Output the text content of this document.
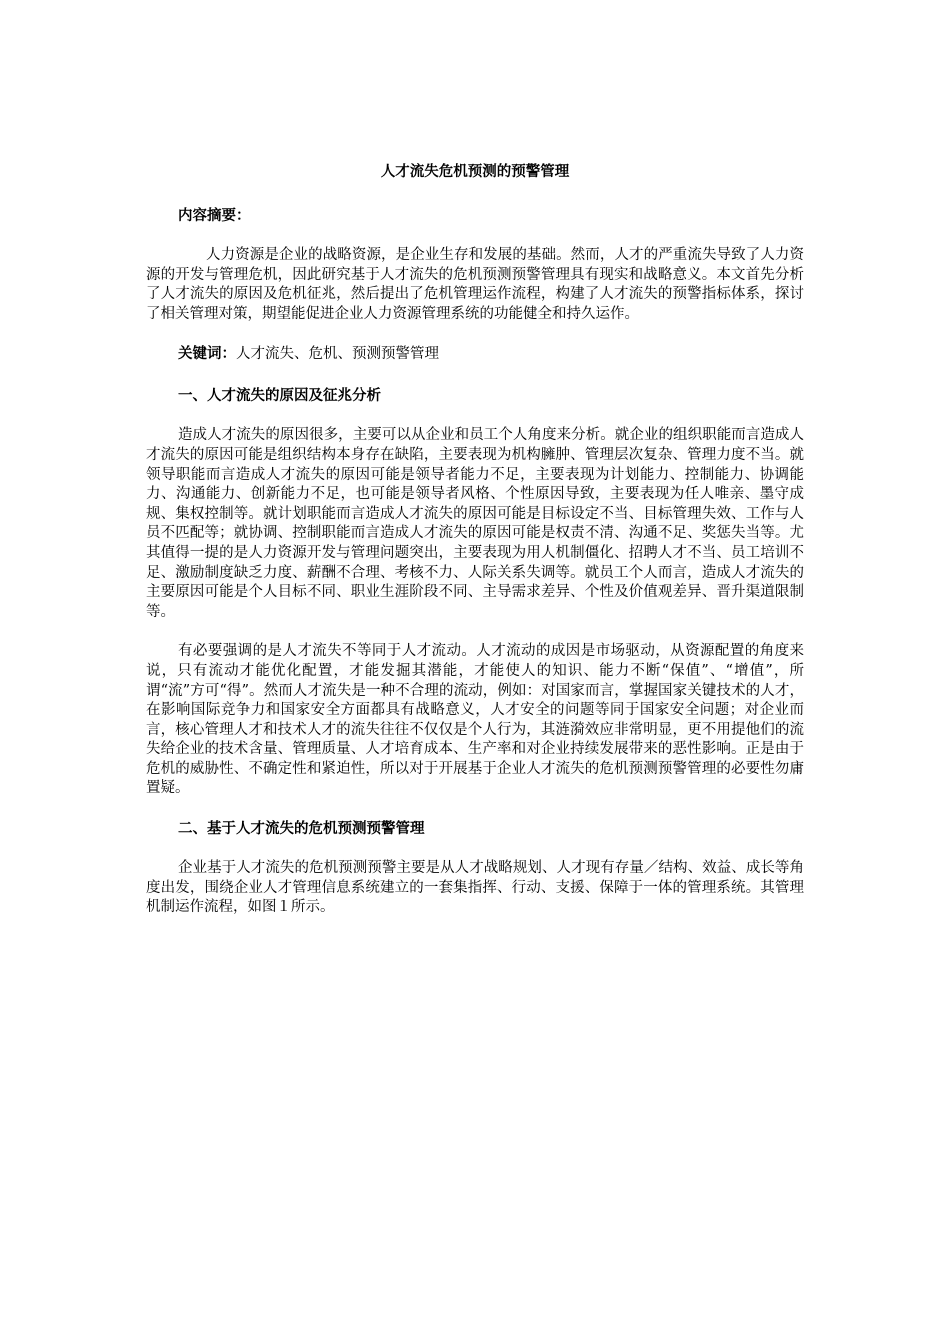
人才流失危机预测的预警管理
内容摘要：

人力资源是企业的战略资源，是企业生存和发展的基础。然而，人才的严重流失导致了人力资源的开发与管理危机，因此研究基于人才流失的危机预测预警管理具有现实和战略意义。本文首先分析了人才流失的原因及危机征兆，然后提出了危机管理运作流程，构建了人才流失的预警指标体系，探讨了相关管理对策，期望能促进企业人力资源管理系统的功能健全和持久运作。

关键词：人才流失、危机、预测预警管理
一、人才流失的原因及征兆分析

造成人才流失的原因很多，主要可以从企业和员工个人角度来分析。就企业的组织职能而言造成人才流失的原因可能是组织结构本身存在缺陷，主要表现为机构臃肿、管理层次复杂、管理力度不当。就领导职能而言造成人才流失的原因可能是领导者能力不足，主要表现为计划能力、控制能力、协调能力、沟通能力、创新能力不足，也可能是领导者风格、个性原因导致，主要表现为任人唯亲、墨守成规、集权控制等。就计划职能而言造成人才流失的原因可能是目标设定不当、目标管理失效、工作与人员不匹配等；就协调、控制职能而言造成人才流失的原因可能是权责不清、沟通不足、奖惩失当等。尤其值得一提的是人力资源开发与管理问题突出，主要表现为用人机制僵化、招聘人才不当、员工培训不足、激励制度缺乏力度、薪酬不合理、考核不力、人际关系失调等。就员工个人而言，造成人才流失的主要原因可能是个人目标不同、职业生涯阶段不同、主导需求差异、个性及价值观差异、晋升渠道限制等。

有必要强调的是人才流失不等同于人才流动。人才流动的成因是市场驱动，从资源配置的角度来说，只有流动才能优化配置，才能发掘其潜能，才能使人的知识、能力不断“保值”、“增值”，所谓“流”方可“得”。然而人才流失是一种不合理的流动，例如：对国家而言，掌握国家关键技术的人才，在影响国际竞争力和国家安全方面都具有战略意义，人才安全的问题等同于国家安全问题；对企业而言，核心管理人才和技术人才的流失往往不仅仅是个人行为，其涟漪效应非常明显，更不用提他们的流失给企业的技术含量、管理质量、人才培育成本、生产率和对企业持续发展带来的恶性影响。正是由于危机的威胁性、不确定性和紧迫性，所以对于开展基于企业人才流失的危机预测预警管理的必要性勿庸置疑。

二、基于人才流失的危机预测预警管理

企业基于人才流失的危机预测预警主要是从人才战略规划、人才现有存量／结构、效益、成长等角度出发，围绕企业人才管理信息系统建立的一套集指挥、行动、支援、保障于一体的管理系统。其管理机制运作流程，如图１所示。
